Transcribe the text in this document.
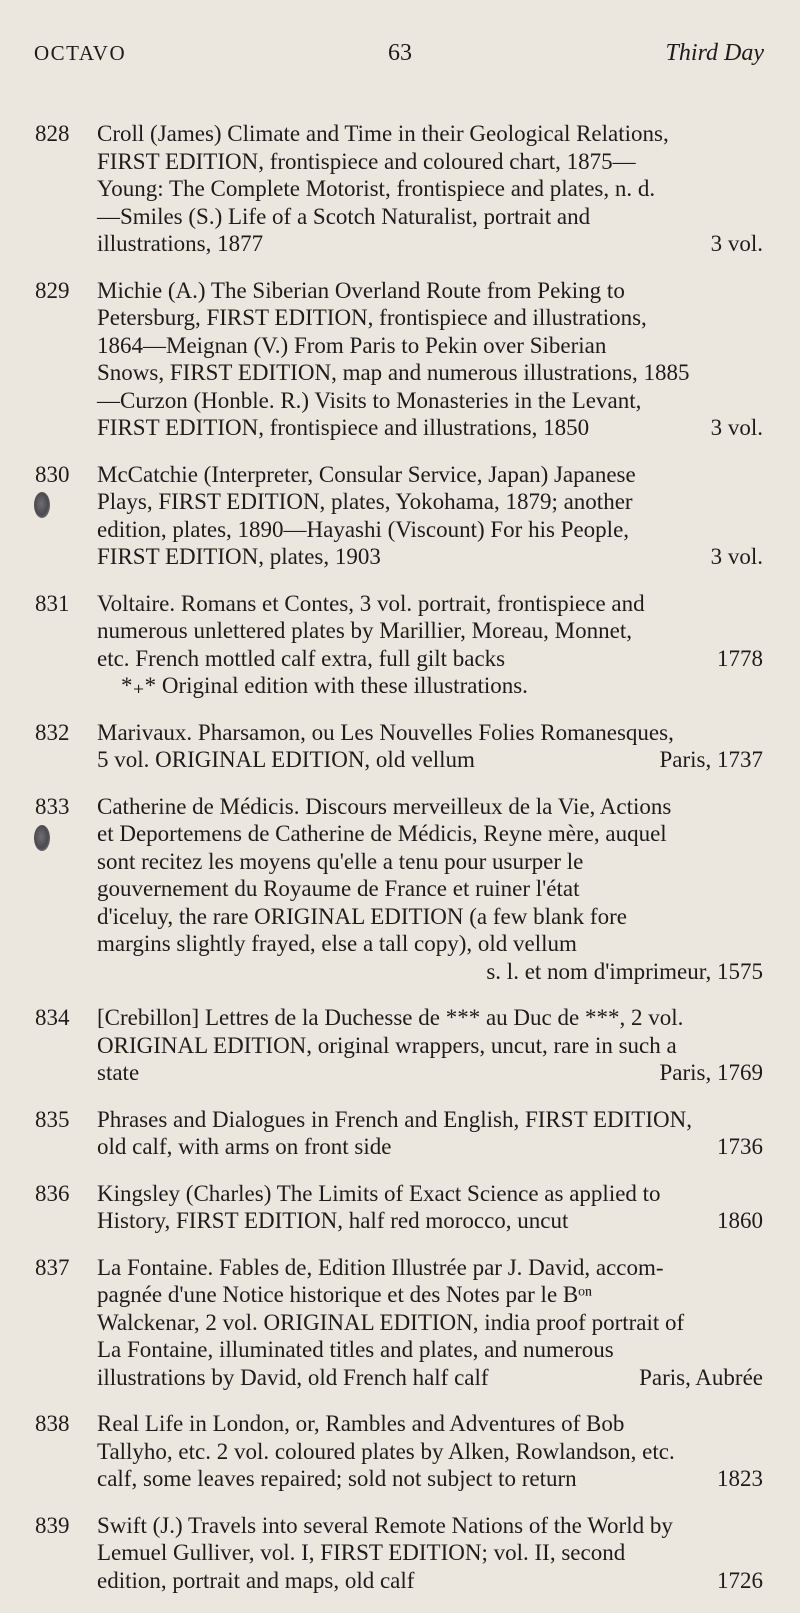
OCTAVO	63	Third Day
828 Croll (James) Climate and Time in their Geological Relations,
FIRST EDITION, frontispiece and coloured chart, 1875—
Young: The Complete Motorist, frontispiece and plates, n. d.
—Smiles (S.) Life of a Scotch Naturalist, portrait and
illustrations, 1877	3 vol.
829 Michie (A.) The Siberian Overland Route from Peking to
Petersburg, FIRST EDITION, frontispiece and illustrations,
1864—Meignan (V.) From Paris to Pekin over Siberian
Snows, FIRST EDITION, map and numerous illustrations, 1885
—Curzon (Honble. R.) Visits to Monasteries in the Levant,
FIRST EDITION, frontispiece and illustrations, 1850	3 vol.
830 McCatchie (Interpreter, Consular Service, Japan) Japanese
Plays, FIRST EDITION, plates, Yokohama, 1879; another
edition, plates, 1890—Hayashi (Viscount) For his People,
FIRST EDITION, plates, 1903	3 vol.
831 Voltaire. Romans et Contes, 3 vol. portrait, frontispiece and
numerous unlettered plates by Marillier, Moreau, Monnet,
etc. French mottled calf extra, full gilt backs	1778
*₊* Original edition with these illustrations.
832 Marivaux. Pharsamon, ou Les Nouvelles Folies Romanesques,
5 vol. ORIGINAL EDITION, old vellum	Paris, 1737
833 Catherine de Médicis. Discours merveilleux de la Vie, Actions
et Deportemens de Catherine de Médicis, Reyne mère, auquel
sont recitez les moyens qu'elle a tenu pour usurper le
gouvernement du Royaume de France et ruiner l'état
d'iceluy, the rare ORIGINAL EDITION (a few blank fore
margins slightly frayed, else a tall copy), old vellum
s. l. et nom d'imprimeur, 1575
834 [Crebillon] Lettres de la Duchesse de *** au Duc de ***, 2 vol.
ORIGINAL EDITION, original wrappers, uncut, rare in such a
state	Paris, 1769
835 Phrases and Dialogues in French and English, FIRST EDITION,
old calf, with arms on front side	1736
836 Kingsley (Charles) The Limits of Exact Science as applied to
History, FIRST EDITION, half red morocco, uncut	1860
837 La Fontaine. Fables de, Edition Illustrée par J. David, accom-
pagnée d'une Notice historique et des Notes par le Bᵒⁿ
Walckenar, 2 vol. ORIGINAL EDITION, india proof portrait of
La Fontaine, illuminated titles and plates, and numerous
illustrations by David, old French half calf	Paris, Aubrée
838 Real Life in London, or, Rambles and Adventures of Bob
Tallyho, etc. 2 vol. coloured plates by Alken, Rowlandson, etc.
calf, some leaves repaired; sold not subject to return	1823
839 Swift (J.) Travels into several Remote Nations of the World by
Lemuel Gulliver, vol. I, FIRST EDITION; vol. II, second
edition, portrait and maps, old calf	1726
